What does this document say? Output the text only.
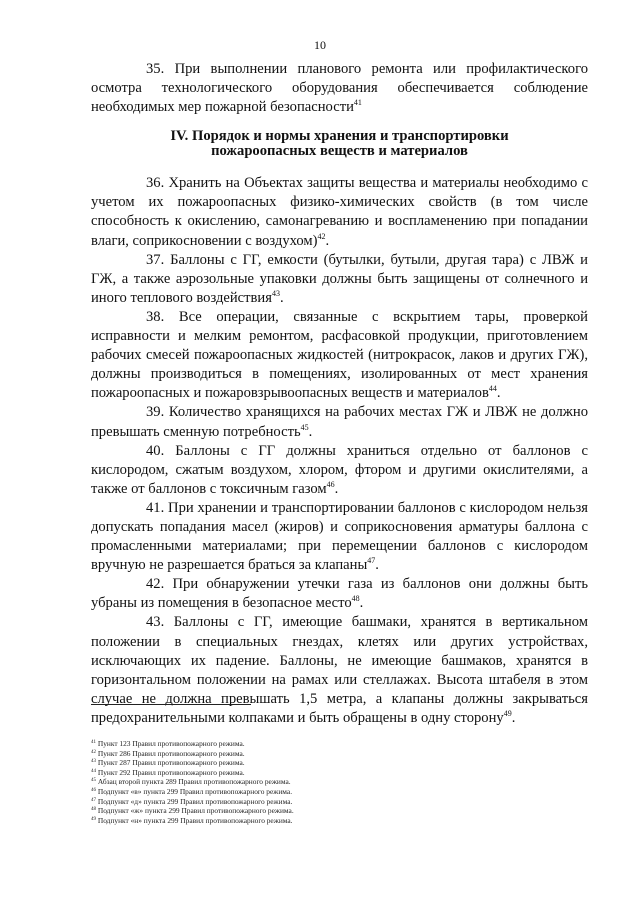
10

35. При выполнении планового ремонта или профилактического осмотра технологического оборудования обеспечивается соблюдение необходимых мер пожарной безопасности$^{41}$

IV. Порядок и нормы хранения и транспортировки
пожароопасных веществ и материалов

36. Хранить на Объектах защиты вещества и материалы необходимо с учетом их пожароопасных физико-химических свойств (в том числе способность к окислению, самонагреванию и воспламенению при попадании влаги, соприкосновении с воздухом)$^{42}$.

37. Баллоны с ГГ, емкости (бутылки, бутыли, другая тара) с ЛВЖ и ГЖ, а также аэрозольные упаковки должны быть защищены от солнечного и иного теплового воздействия$^{43}$.

38. Все операции, связанные с вскрытием тары, проверкой исправности и мелким ремонтом, расфасовкой продукции, приготовлением рабочих смесей пожароопасных жидкостей (нитрокрасок, лаков и других ГЖ), должны производиться в помещениях, изолированных от мест хранения пожароопасных и пожаровзрывоопасных веществ и материалов$^{44}$.

39. Количество хранящихся на рабочих местах ГЖ и ЛВЖ не должно превышать сменную потребность$^{45}$.

40. Баллоны с ГГ должны храниться отдельно от баллонов с кислородом, сжатым воздухом, хлором, фтором и другими окислителями, а также от баллонов с токсичным газом$^{46}$.

41. При хранении и транспортировании баллонов с кислородом нельзя допускать попадания масел (жиров) и соприкосновения арматуры баллона с промасленными материалами; при перемещении баллонов с кислородом вручную не разрешается браться за клапаны$^{47}$.

42. При обнаружении утечки газа из баллонов они должны быть убраны из помещения в безопасное место$^{48}$.

43. Баллоны с ГГ, имеющие башмаки, хранятся в вертикальном положении в специальных гнездах, клетях или других устройствах, исключающих их падение. Баллоны, не имеющие башмаков, хранятся в горизонтальном положении на рамах или стеллажах. Высота штабеля в этом случае не должна превышать 1,5 метра, а клапаны должны закрываться предохранительными колпаками и быть обращены в одну сторону$^{49}$.

$^{41}$ Пункт 123 Правил противопожарного режима.

$^{42}$ Пункт 286 Правил противопожарного режима.

$^{43}$ Пункт 287 Правил противопожарного режима.

$^{44}$ Пункт 292 Правил противопожарного режима.

$^{45}$ Абзац второй пункта 289 Правил противопожарного режима.

$^{46}$ Подпункт «в» пункта 299 Правил противопожарного режима.

$^{47}$ Подпункт «д» пункта 299 Правил противопожарного режима.

$^{48}$ Подпункт «ж» пункта 299 Правил противопожарного режима.

$^{49}$ Подпункт «н» пункта 299 Правил противопожарного режима.
